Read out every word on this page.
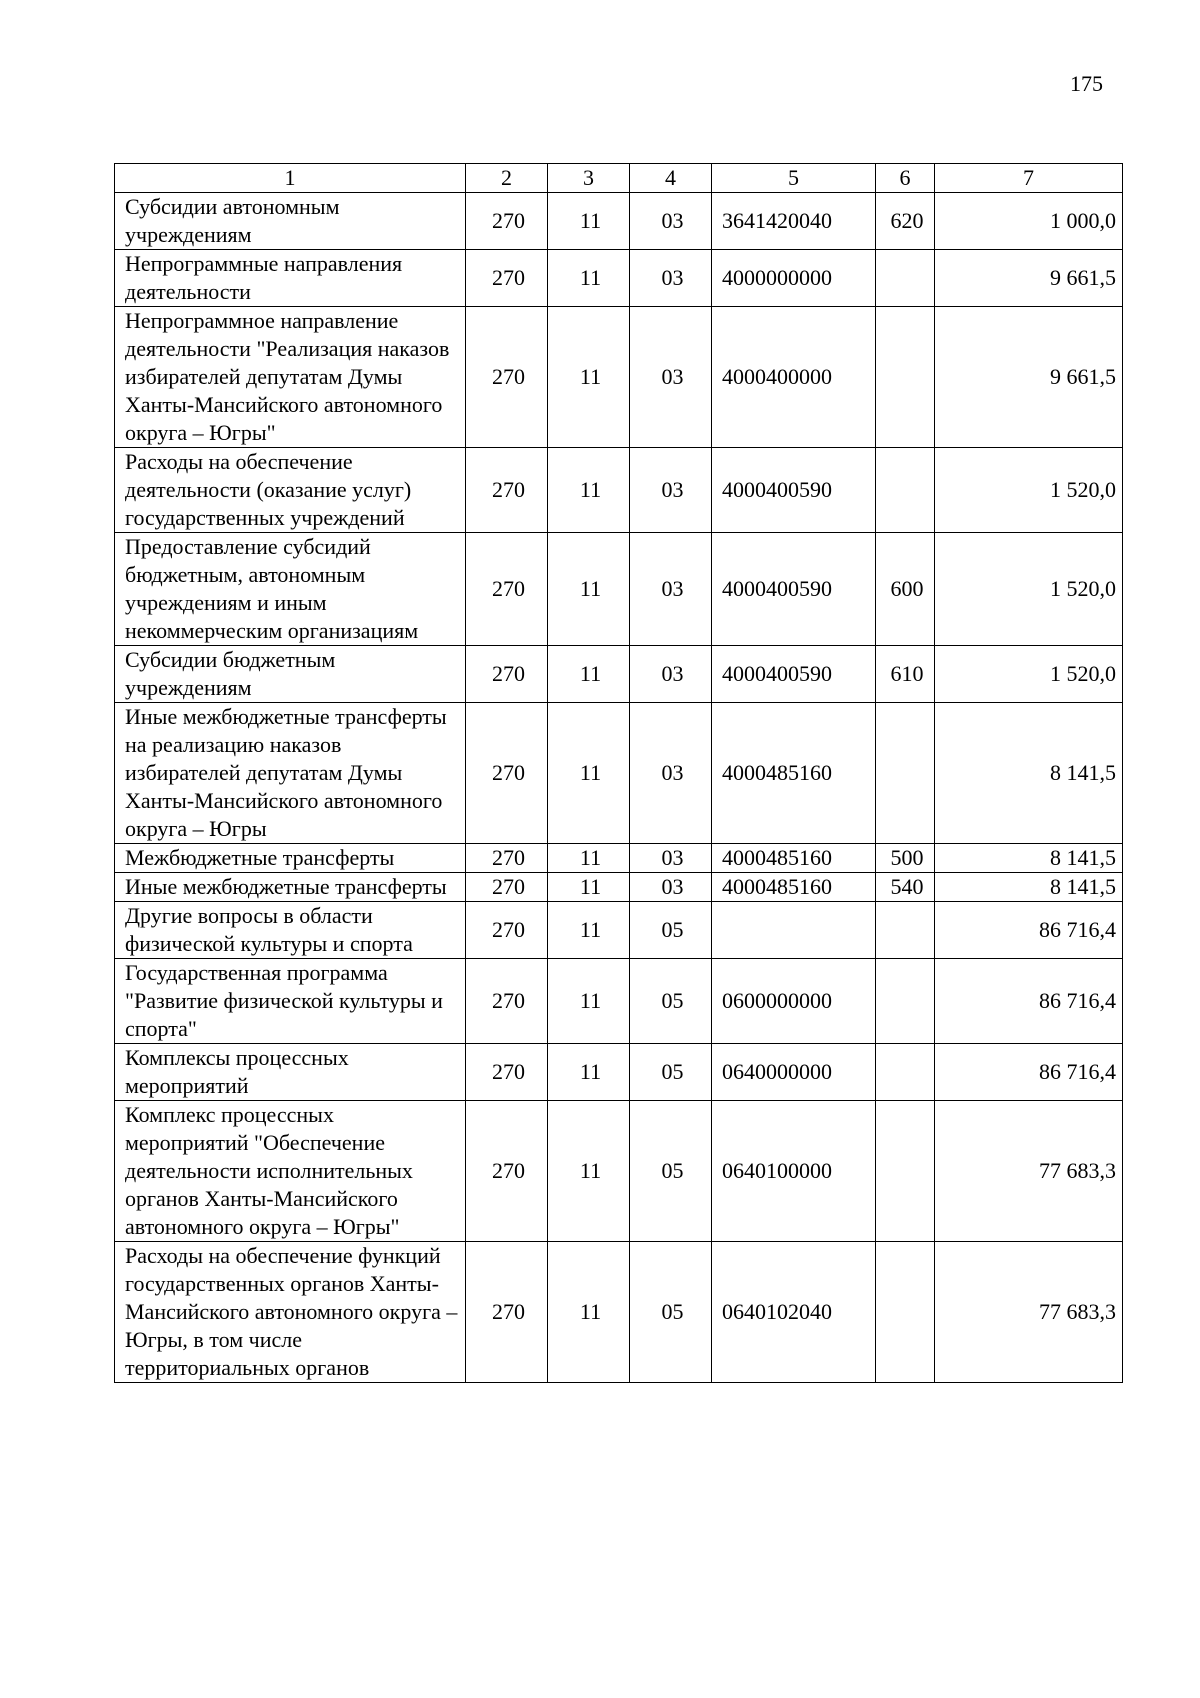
175
1	2	3	4	5	6	7
Субсидии автономным учреждениям	270	11	03	3641420040	620	1 000,0
Непрограммные направления деятельности	270	11	03	4000000000		9 661,5
Непрограммное направление деятельности "Реализация наказов избирателей депутатам Думы Ханты-Мансийского автономного округа – Югры"	270	11	03	4000400000		9 661,5
Расходы на обеспечение деятельности (оказание услуг) государственных учреждений	270	11	03	4000400590		1 520,0
Предоставление субсидий бюджетным, автономным учреждениям и иным некоммерческим организациям	270	11	03	4000400590	600	1 520,0
Субсидии бюджетным учреждениям	270	11	03	4000400590	610	1 520,0
Иные межбюджетные трансферты на реализацию наказов избирателей депутатам Думы Ханты-Мансийского автономного округа – Югры	270	11	03	4000485160		8 141,5
Межбюджетные трансферты	270	11	03	4000485160	500	8 141,5
Иные межбюджетные трансферты	270	11	03	4000485160	540	8 141,5
Другие вопросы в области физической культуры и спорта	270	11	05			86 716,4
Государственная программа "Развитие физической культуры и спорта"	270	11	05	0600000000		86 716,4
Комплексы процессных мероприятий	270	11	05	0640000000		86 716,4
Комплекс процессных мероприятий "Обеспечение деятельности исполнительных органов Ханты-Мансийского автономного округа – Югры"	270	11	05	0640100000		77 683,3
Расходы на обеспечение функций государственных органов Ханты-Мансийского автономного округа – Югры, в том числе территориальных органов	270	11	05	0640102040		77 683,3
